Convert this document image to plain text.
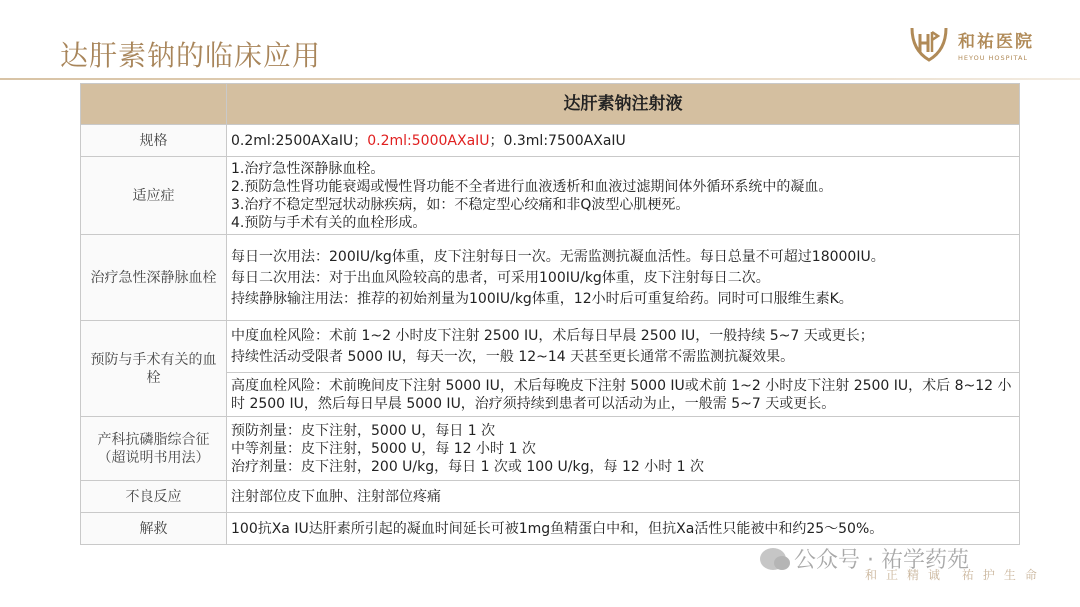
达肝素钠的临床应用	和祐医院
HEYOU HOSPITAL
	达肝素钠注射液
规格	0.2ml:2500AⅩaIU；0.2ml:5000AⅩaIU；0.3ml:7500AⅩaIU
适应症	1.治疗急性深静脉血栓。
2.预防急性肾功能衰竭或慢性肾功能不全者进行血液透析和血液过滤期间体外循环系统中的凝血。
3.治疗不稳定型冠状动脉疾病，如：不稳定型心绞痛和非Q波型心肌梗死。
4.预防与手术有关的血栓形成。

治疗急性深静脉血栓	每日一次用法：200IU/kg体重，皮下注射每日一次。无需监测抗凝血活性。每日总量不可超过18000IU。
每日二次用法：对于出血风险较高的患者，可采用100IU/kg体重，皮下注射每日二次。
持续静脉输注用法：推荐的初始剂量为100IU/kg体重，12小时后可重复给药。同时可口服维生素K。

预防与手术有关的血栓	中度血栓风险：术前 1~2 小时皮下注射 2500 IU，术后每日早晨 2500 IU，一般持续 5~7 天或更长；
持续性活动受限者 5000 IU，每天一次，一般 12~14 天甚至更长通常不需监测抗凝效果。

	高度血栓风险：术前晚间皮下注射 5000 IU，术后每晚皮下注射 5000 IU或术前 1~2 小时皮下注射 2500 IU，术后 8~12 小时 2500 IU，然后每日早晨 5000 IU，治疗须持续到患者可以活动为止，一般需 5~7 天或更长。

产科抗磷脂综合征
（超说明书用法）	预防剂量：皮下注射，5000 U，每日 1 次
中等剂量：皮下注射，5000 U，每 12 小时 1 次
治疗剂量：皮下注射，200 U/kg，每日 1 次或 100 U/kg，每 12 小时 1 次

不良反应	注射部位皮下血肿、注射部位疼痛
解救	100抗Ⅹa IU达肝素所引起的凝血时间延长可被1mg鱼精蛋白中和，但抗Ⅹa活性只能被中和约25～50%。
公众号 · 祐学药苑
和正精诚 祐护生命
